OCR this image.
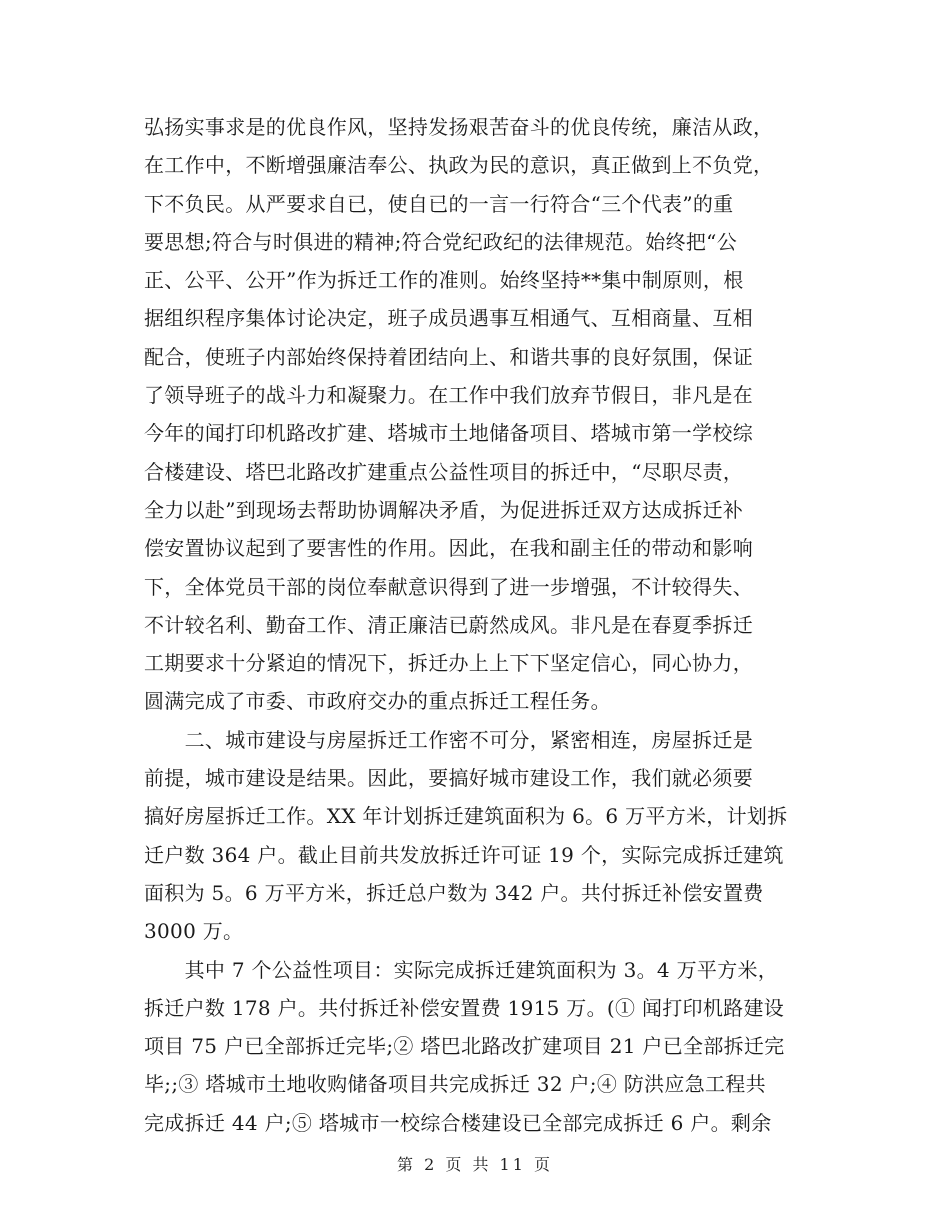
弘扬实事求是的优良作风，坚持发扬艰苦奋斗的优良传统，廉洁从政，
在工作中，不断增强廉洁奉公、执政为民的意识，真正做到上不负党，
下不负民。从严要求自已，使自已的一言一行符合“三个代表”的重
要思想;符合与时俱进的精神;符合党纪政纪的法律规范。始终把“公
正、公平、公开”作为拆迁工作的准则。始终坚持**集中制原则，根
据组织程序集体讨论决定，班子成员遇事互相通气、互相商量、互相
配合，使班子内部始终保持着团结向上、和谐共事的良好氛围，保证
了领导班子的战斗力和凝聚力。在工作中我们放弃节假日，非凡是在
今年的闻打印机路改扩建、塔城市土地储备项目、塔城市第一学校综
合楼建设、塔巴北路改扩建重点公益性项目的拆迁中，“尽职尽责，
全力以赴”到现场去帮助协调解决矛盾，为促进拆迁双方达成拆迁补
偿安置协议起到了要害性的作用。因此，在我和副主任的带动和影响
下，全体党员干部的岗位奉献意识得到了进一步增强，不计较得失、
不计较名利、勤奋工作、清正廉洁已蔚然成风。非凡是在春夏季拆迁
工期要求十分紧迫的情况下，拆迁办上上下下坚定信心，同心协力，
圆满完成了市委、市政府交办的重点拆迁工程任务。
　　二、城市建设与房屋拆迁工作密不可分，紧密相连，房屋拆迁是
前提，城市建设是结果。因此，要搞好城市建设工作，我们就必须要
搞好房屋拆迁工作。XX 年计划拆迁建筑面积为 6。6 万平方米，计划拆
迁户数 364 户。截止目前共发放拆迁许可证 19 个，实际完成拆迁建筑
面积为 5。6 万平方米，拆迁总户数为 342 户。共付拆迁补偿安置费
3000 万。
　　其中 7 个公益性项目：实际完成拆迁建筑面积为 3。4 万平方米，
拆迁户数 178 户。共付拆迁补偿安置费 1915 万。(① 闻打印机路建设
项目 75 户已全部拆迁完毕;② 塔巴北路改扩建项目 21 户已全部拆迁完
毕;;③ 塔城市土地收购储备项目共完成拆迁 32 户;④ 防洪应急工程共
完成拆迁 44 户;⑤ 塔城市一校综合楼建设已全部完成拆迁 6 户。剩余
第 2 页 共 11 页
